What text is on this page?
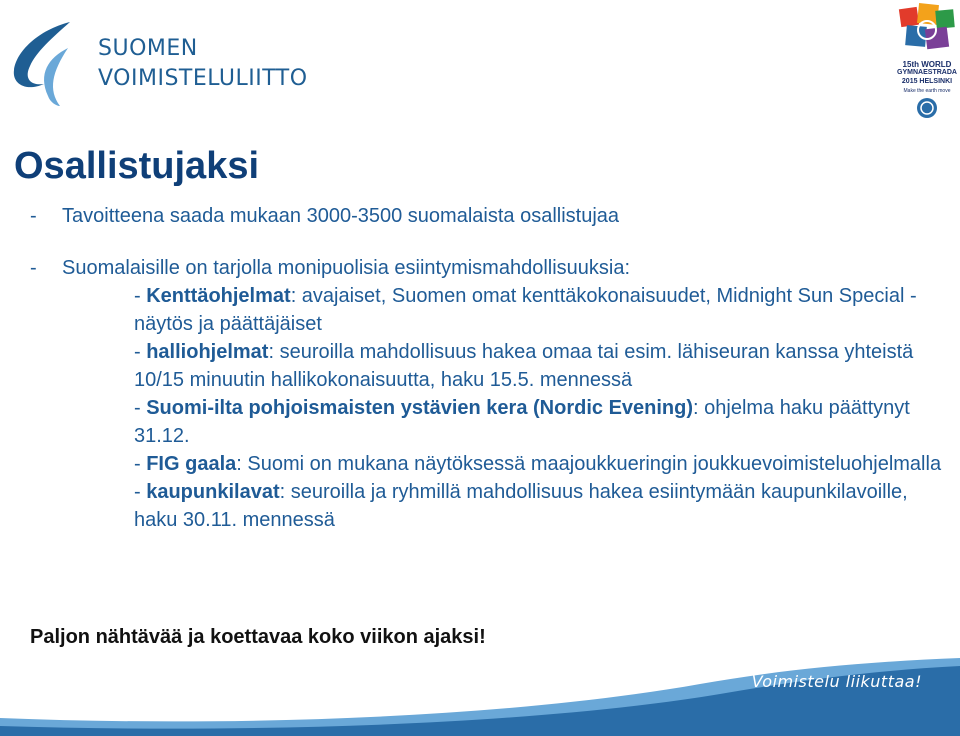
SUOMEN
VOIMISTELULIITTO
15th WORLD
GYMNAESTRADA
2015 HELSINKI
Make the earth move
Osallistujaksi
-	Tavoitteena saada mukaan 3000-3500 suomalaista osallistujaa
-	Suomalaisille on tarjolla monipuolisia esiintymismahdollisuuksia:
- Kenttäohjelmat: avajaiset, Suomen omat kenttäkokonaisuudet, Midnight Sun Special -näytös ja päättäjäiset
- halliohjelmat: seuroilla mahdollisuus hakea omaa tai esim. lähiseuran kanssa yhteistä 10/15 minuutin hallikokonaisuutta, haku 15.5. mennessä
- Suomi-ilta pohjoismaisten ystävien kera (Nordic Evening): ohjelma haku päättynyt 31.12.
- FIG gaala: Suomi on mukana näytöksessä maajoukkueringin joukkuevoimisteluohjelmalla
- kaupunkilavat: seuroilla ja ryhmillä mahdollisuus hakea esiintymään kaupunkilavoille, haku 30.11. mennessä
Paljon nähtävää ja koettavaa koko viikon ajaksi!
Voimistelu liikuttaa!
